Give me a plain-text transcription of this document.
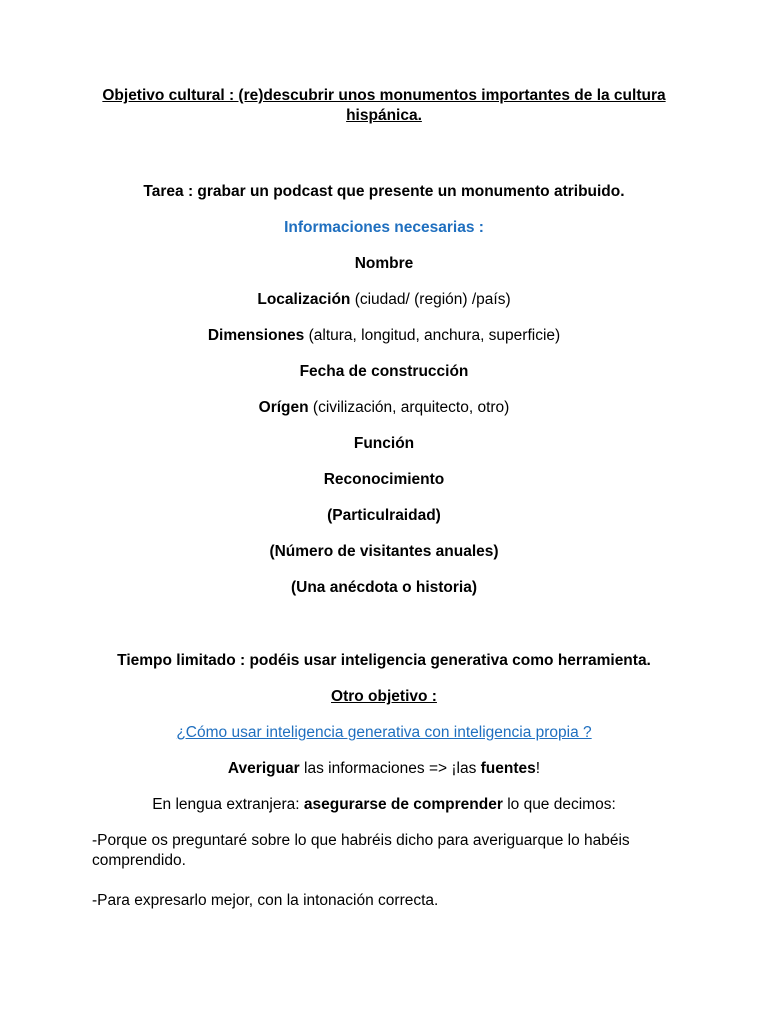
Objetivo cultural : (re)descubrir unos monumentos importantes de la cultura hispánica.
Tarea : grabar un podcast que presente un monumento atribuido.
Informaciones necesarias :
Nombre
Localización (ciudad/ (región) /país)
Dimensiones (altura, longitud, anchura, superficie)
Fecha de construcción
Orígen (civilización, arquitecto, otro)
Función
Reconocimiento
(Particulraidad)
(Número de visitantes anuales)
(Una anécdota o historia)
Tiempo limitado : podéis usar inteligencia generativa como herramienta.
Otro objetivo :
¿Cómo usar inteligencia generativa con inteligencia propia ?
Averiguar las informaciones => ¡las fuentes!
En lengua extranjera: asegurarse de comprender lo que decimos:
-Porque os preguntaré sobre lo que habréis dicho para averiguarque lo habéis comprendido.
-Para expresarlo mejor, con la intonación correcta.
